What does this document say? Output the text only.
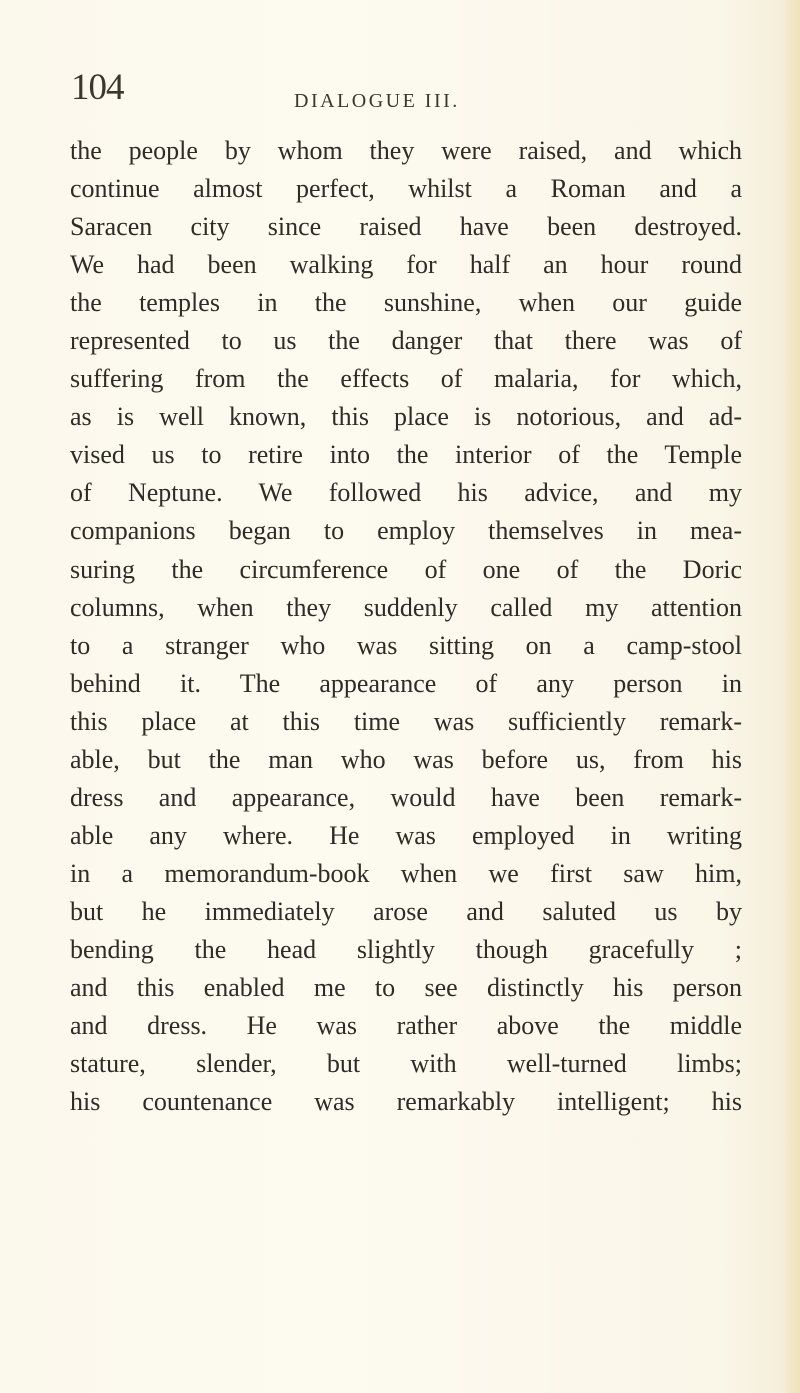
104	DIALOGUE III.
the people by whom they were raised, and which
continue almost perfect, whilst a Roman and a
Saracen city since raised have been destroyed.
We had been walking for half an hour round
the temples in the sunshine, when our guide
represented to us the danger that there was of
suffering from the effects of malaria, for which,
as is well known, this place is notorious, and ad-
vised us to retire into the interior of the Temple
of Neptune. We followed his advice, and my
companions began to employ themselves in mea-
suring the circumference of one of the Doric
columns, when they suddenly called my attention
to a stranger who was sitting on a camp-stool
behind it. The appearance of any person in
this place at this time was sufficiently remark-
able, but the man who was before us, from his
dress and appearance, would have been remark-
able any where. He was employed in writing
in a memorandum-book when we first saw him,
but he immediately arose and saluted us by
bending the head slightly though gracefully ;
and this enabled me to see distinctly his person
and dress. He was rather above the middle
stature, slender, but with well-turned limbs;
his countenance was remarkably intelligent; his
